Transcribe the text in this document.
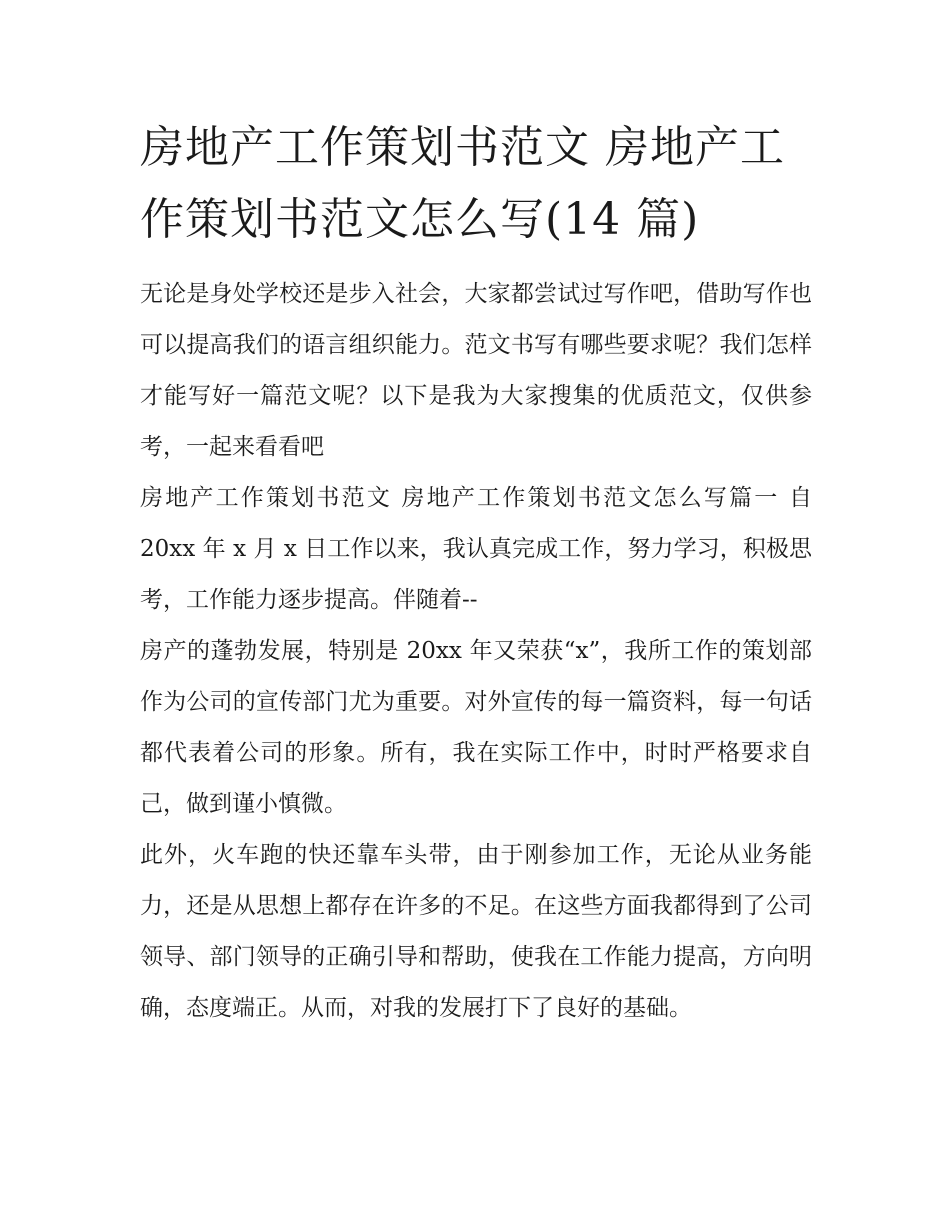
房地产工作策划书范文 房地产工作策划书范文怎么写(14 篇)

无论是身处学校还是步入社会，大家都尝试过写作吧，借助写作也可以提高我们的语言组织能力。范文书写有哪些要求呢？我们怎样才能写好一篇范文呢？以下是我为大家搜集的优质范文，仅供参考，一起来看看吧

房地产工作策划书范文 房地产工作策划书范文怎么写篇一 自 20xx 年 x 月 x 日工作以来，我认真完成工作，努力学习，积极思考，工作能力逐步提高。伴随着--

房产的蓬勃发展，特别是 20xx 年又荣获“x”，我所工作的策划部作为公司的宣传部门尤为重要。对外宣传的每一篇资料，每一句话都代表着公司的形象。所有，我在实际工作中，时时严格要求自己，做到谨小慎微。

此外，火车跑的快还靠车头带，由于刚参加工作，无论从业务能力，还是从思想上都存在许多的不足。在这些方面我都得到了公司领导、部门领导的正确引导和帮助，使我在工作能力提高，方向明确，态度端正。从而，对我的发展打下了良好的基础。
